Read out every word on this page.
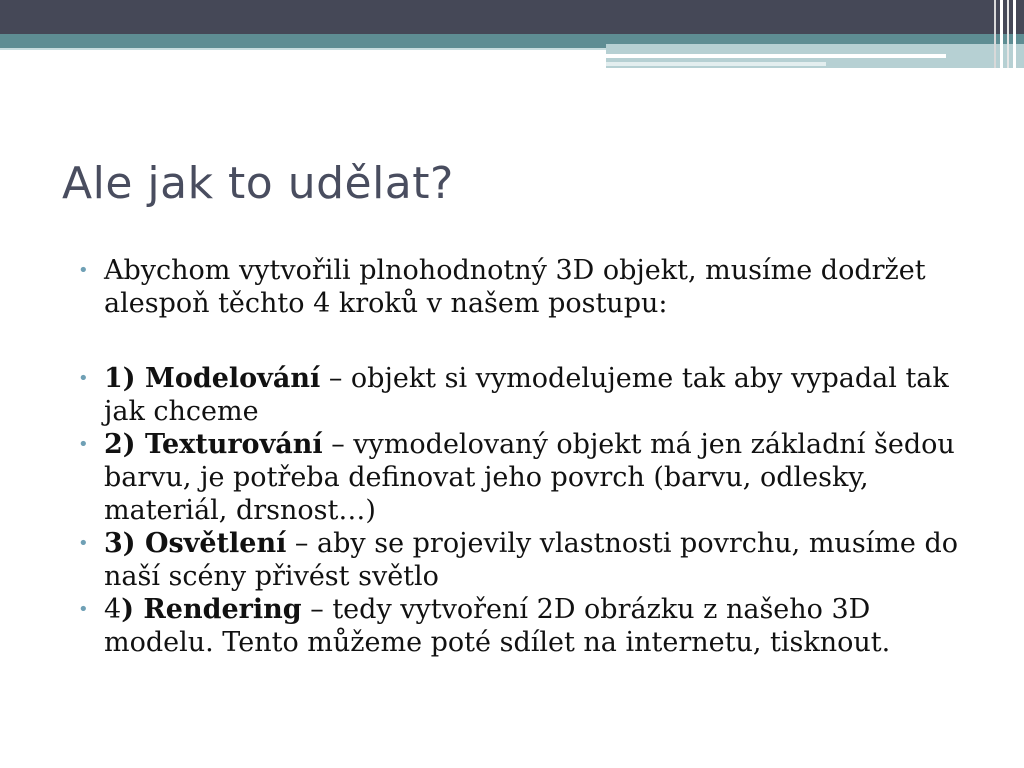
Ale jak to udělat?
• Abychom vytvořili plnohodnotný 3D objekt, musíme dodržet alespoň těchto 4 kroků v našem postupu:
• 1) Modelování – objekt si vymodelujeme tak aby vypadal tak jak chceme
• 2) Texturování – vymodelovaný objekt má jen základní šedou barvu, je potřeba definovat jeho povrch (barvu, odlesky, materiál, drsnost…)
• 3) Osvětlení – aby se projevily vlastnosti povrchu, musíme do naší scény přivést světlo
• 4) Rendering – tedy vytvoření 2D obrázku z našeho 3D modelu. Tento můžeme poté sdílet na internetu, tisknout.
